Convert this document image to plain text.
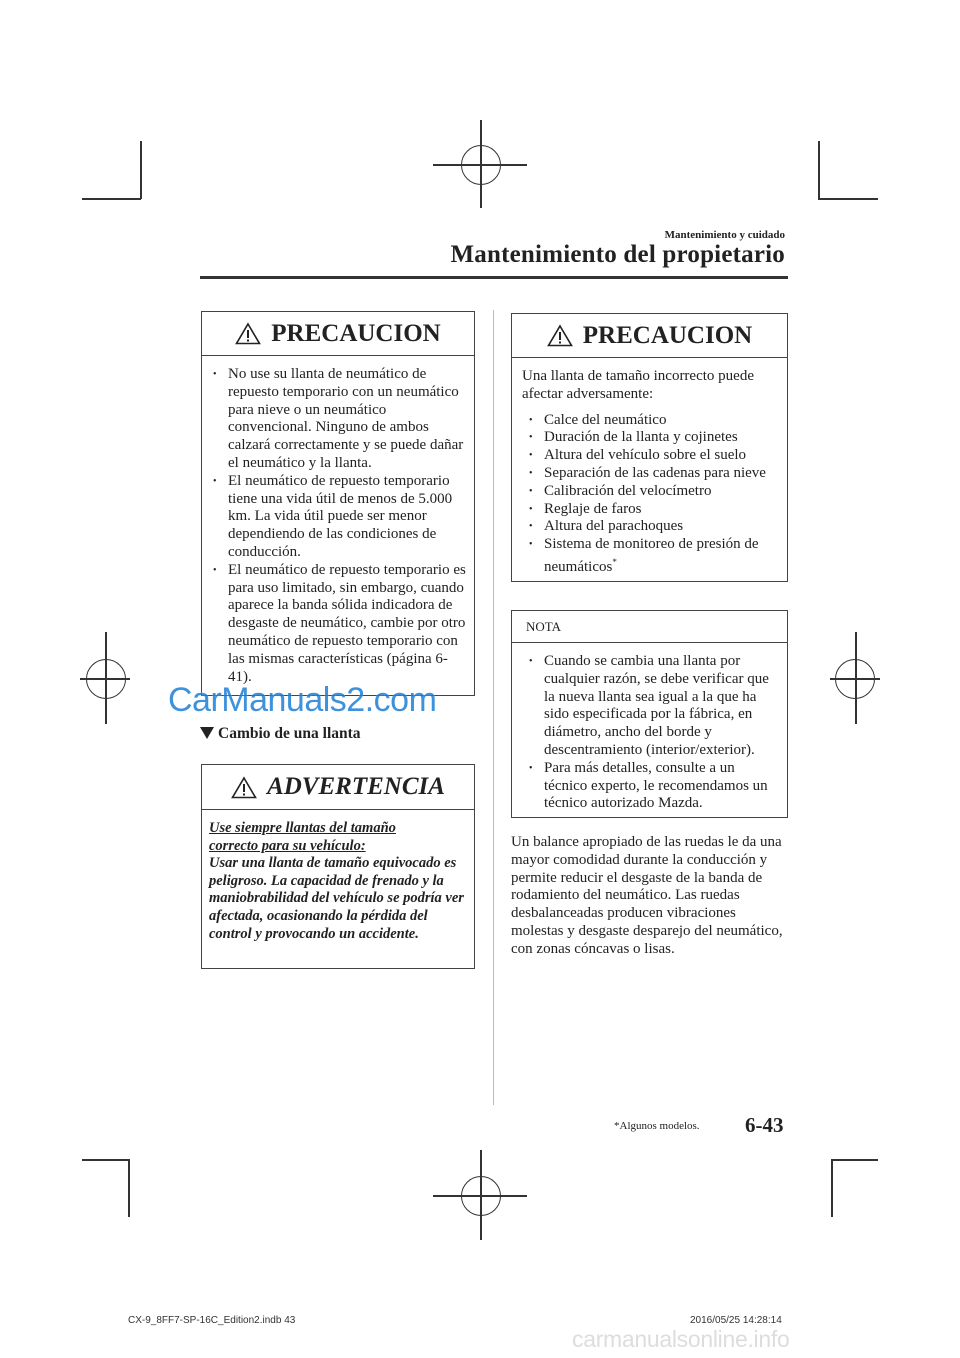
Mantenimiento y cuidado
Mantenimiento del propietario
PRECAUCION
• No use su llanta de neumático de repuesto temporario con un neumático para nieve o un neumático convencional. Ninguno de ambos calzará correctamente y se puede dañar el neumático y la llanta.
• El neumático de repuesto temporario tiene una vida útil de menos de 5.000 km. La vida útil puede ser menor dependiendo de las condiciones de conducción.
• El neumático de repuesto temporario es para uso limitado, sin embargo, cuando aparece la banda sólida indicadora de desgaste de neumático, cambie por otro neumático de repuesto temporario con las mismas características (página 6-41).
Cambio de una llanta
ADVERTENCIA
Use siempre llantas del tamaño correcto para su vehículo:
Usar una llanta de tamaño equivocado es peligroso. La capacidad de frenado y la maniobrabilidad del vehículo se podría ver afectada, ocasionando la pérdida del control y provocando un accidente.
PRECAUCION
Una llanta de tamaño incorrecto puede afectar adversamente:
• Calce del neumático
• Duración de la llanta y cojinetes
• Altura del vehículo sobre el suelo
• Separación de las cadenas para nieve
• Calibración del velocímetro
• Reglaje de faros
• Altura del parachoques
• Sistema de monitoreo de presión de neumáticos*
NOTA
• Cuando se cambia una llanta por cualquier razón, se debe verificar que la nueva llanta sea igual a la que ha sido especificada por la fábrica, en diámetro, ancho del borde y descentramiento (interior/exterior).
• Para más detalles, consulte a un técnico experto, le recomendamos un técnico autorizado Mazda.
Un balance apropiado de las ruedas le da una mayor comodidad durante la conducción y permite reducir el desgaste de la banda de rodamiento del neumático. Las ruedas desbalanceadas producen vibraciones molestas y desgaste desparejo del neumático, con zonas cóncavas o lisas.
CarManuals2.com
*Algunos modelos. 6-43
CX-9_8FF7-SP-16C_Edition2.indb 43	2016/05/25 14:28:14
carmanualsonline.info
